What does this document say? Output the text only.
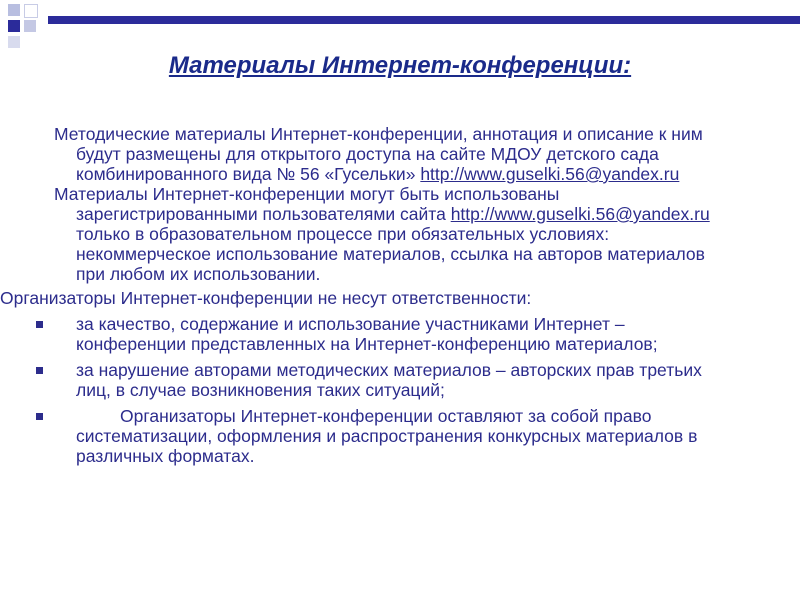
Материалы Интернет-конференции:

Методические материалы Интернет-конференции, аннотация и описание к ним будут размещены для открытого доступа на сайте МДОУ детского сада комбинированного вида № 56 «Гусельки» http://www.guselki.56@yandex.ru

Материалы Интернет-конференции могут быть использованы зарегистрированными пользователями сайта http://www.guselki.56@yandex.ru только в образовательном процессе при обязательных условиях: некоммерческое использование материалов, ссылка на авторов материалов при любом их использовании.

Организаторы Интернет-конференции не несут ответственности:

за качество, содержание и использование участниками Интернет – конференции представленных на Интернет-конференцию материалов;
за нарушение авторами методических материалов – авторских прав третьих лиц, в случае возникновения таких ситуаций;
Организаторы Интернет-конференции оставляют за собой право систематизации, оформления и распространения конкурсных материалов в различных форматах.
